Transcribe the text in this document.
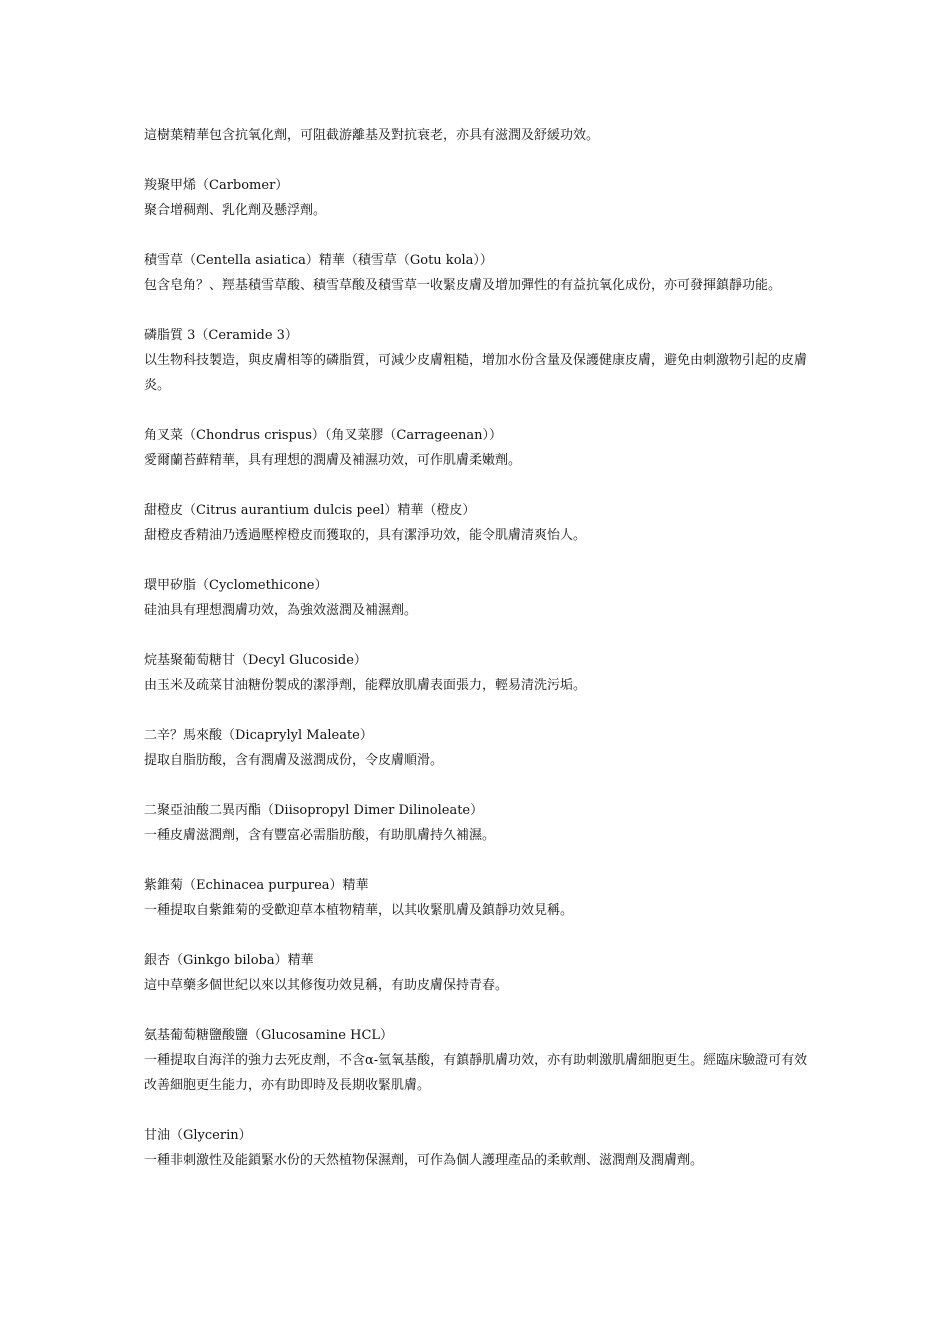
這樹葉精華包含抗氧化劑，可阻截游離基及對抗衰老，亦具有滋潤及舒緩功效。

羧聚甲烯（Carbomer）

聚合增稠劑、乳化劑及懸浮劑。

積雪草（Centella asiatica）精華（積雪草（Gotu kola））

包含皂角？、羥基積雪草酸、積雪草酸及積雪草一收緊皮膚及增加彈性的有益抗氧化成份，亦可發揮鎮靜功能。

磷脂質 3（Ceramide 3）

以生物科技製造，與皮膚相等的磷脂質，可減少皮膚粗糙，增加水份含量及保護健康皮膚，避免由刺激物引起的皮膚炎。

角叉菜（Chondrus crispus）（角叉菜膠（Carrageenan））

愛爾蘭苔蘚精華，具有理想的潤膚及補濕功效，可作肌膚柔嫩劑。

甜橙皮（Citrus aurantium dulcis peel）精華（橙皮）

甜橙皮香精油乃透過壓榨橙皮而獲取的，具有潔淨功效，能令肌膚清爽怡人。

環甲矽脂（Cyclomethicone）

硅油具有理想潤膚功效，為強效滋潤及補濕劑。

烷基聚葡萄糖甘（Decyl Glucoside）

由玉米及疏菜甘油糖份製成的潔淨劑，能釋放肌膚表面張力，輕易清洗污垢。

二辛？馬來酸（Dicaprylyl Maleate）

提取自脂肪酸，含有潤膚及滋潤成份，令皮膚順滑。

二聚亞油酸二異丙酯（Diisopropyl Dimer Dilinoleate）

一種皮膚滋潤劑，含有豐富必需脂肪酸，有助肌膚持久補濕。

紫錐菊（Echinacea purpurea）精華

一種提取自紫錐菊的受歡迎草本植物精華，以其收緊肌膚及鎮靜功效見稱。

銀杏（Ginkgo biloba）精華

這中草藥多個世紀以來以其修復功效見稱，有助皮膚保持青春。

氨基葡萄糖鹽酸鹽（Glucosamine HCL）

一種提取自海洋的強力去死皮劑，不含α-氫氧基酸，有鎮靜肌膚功效，亦有助刺激肌膚細胞更生。經臨床驗證可有效改善細胞更生能力，亦有助即時及長期收緊肌膚。

甘油（Glycerin）

一種非刺激性及能鎖緊水份的天然植物保濕劑，可作為個人護理產品的柔軟劑、滋潤劑及潤膚劑。
